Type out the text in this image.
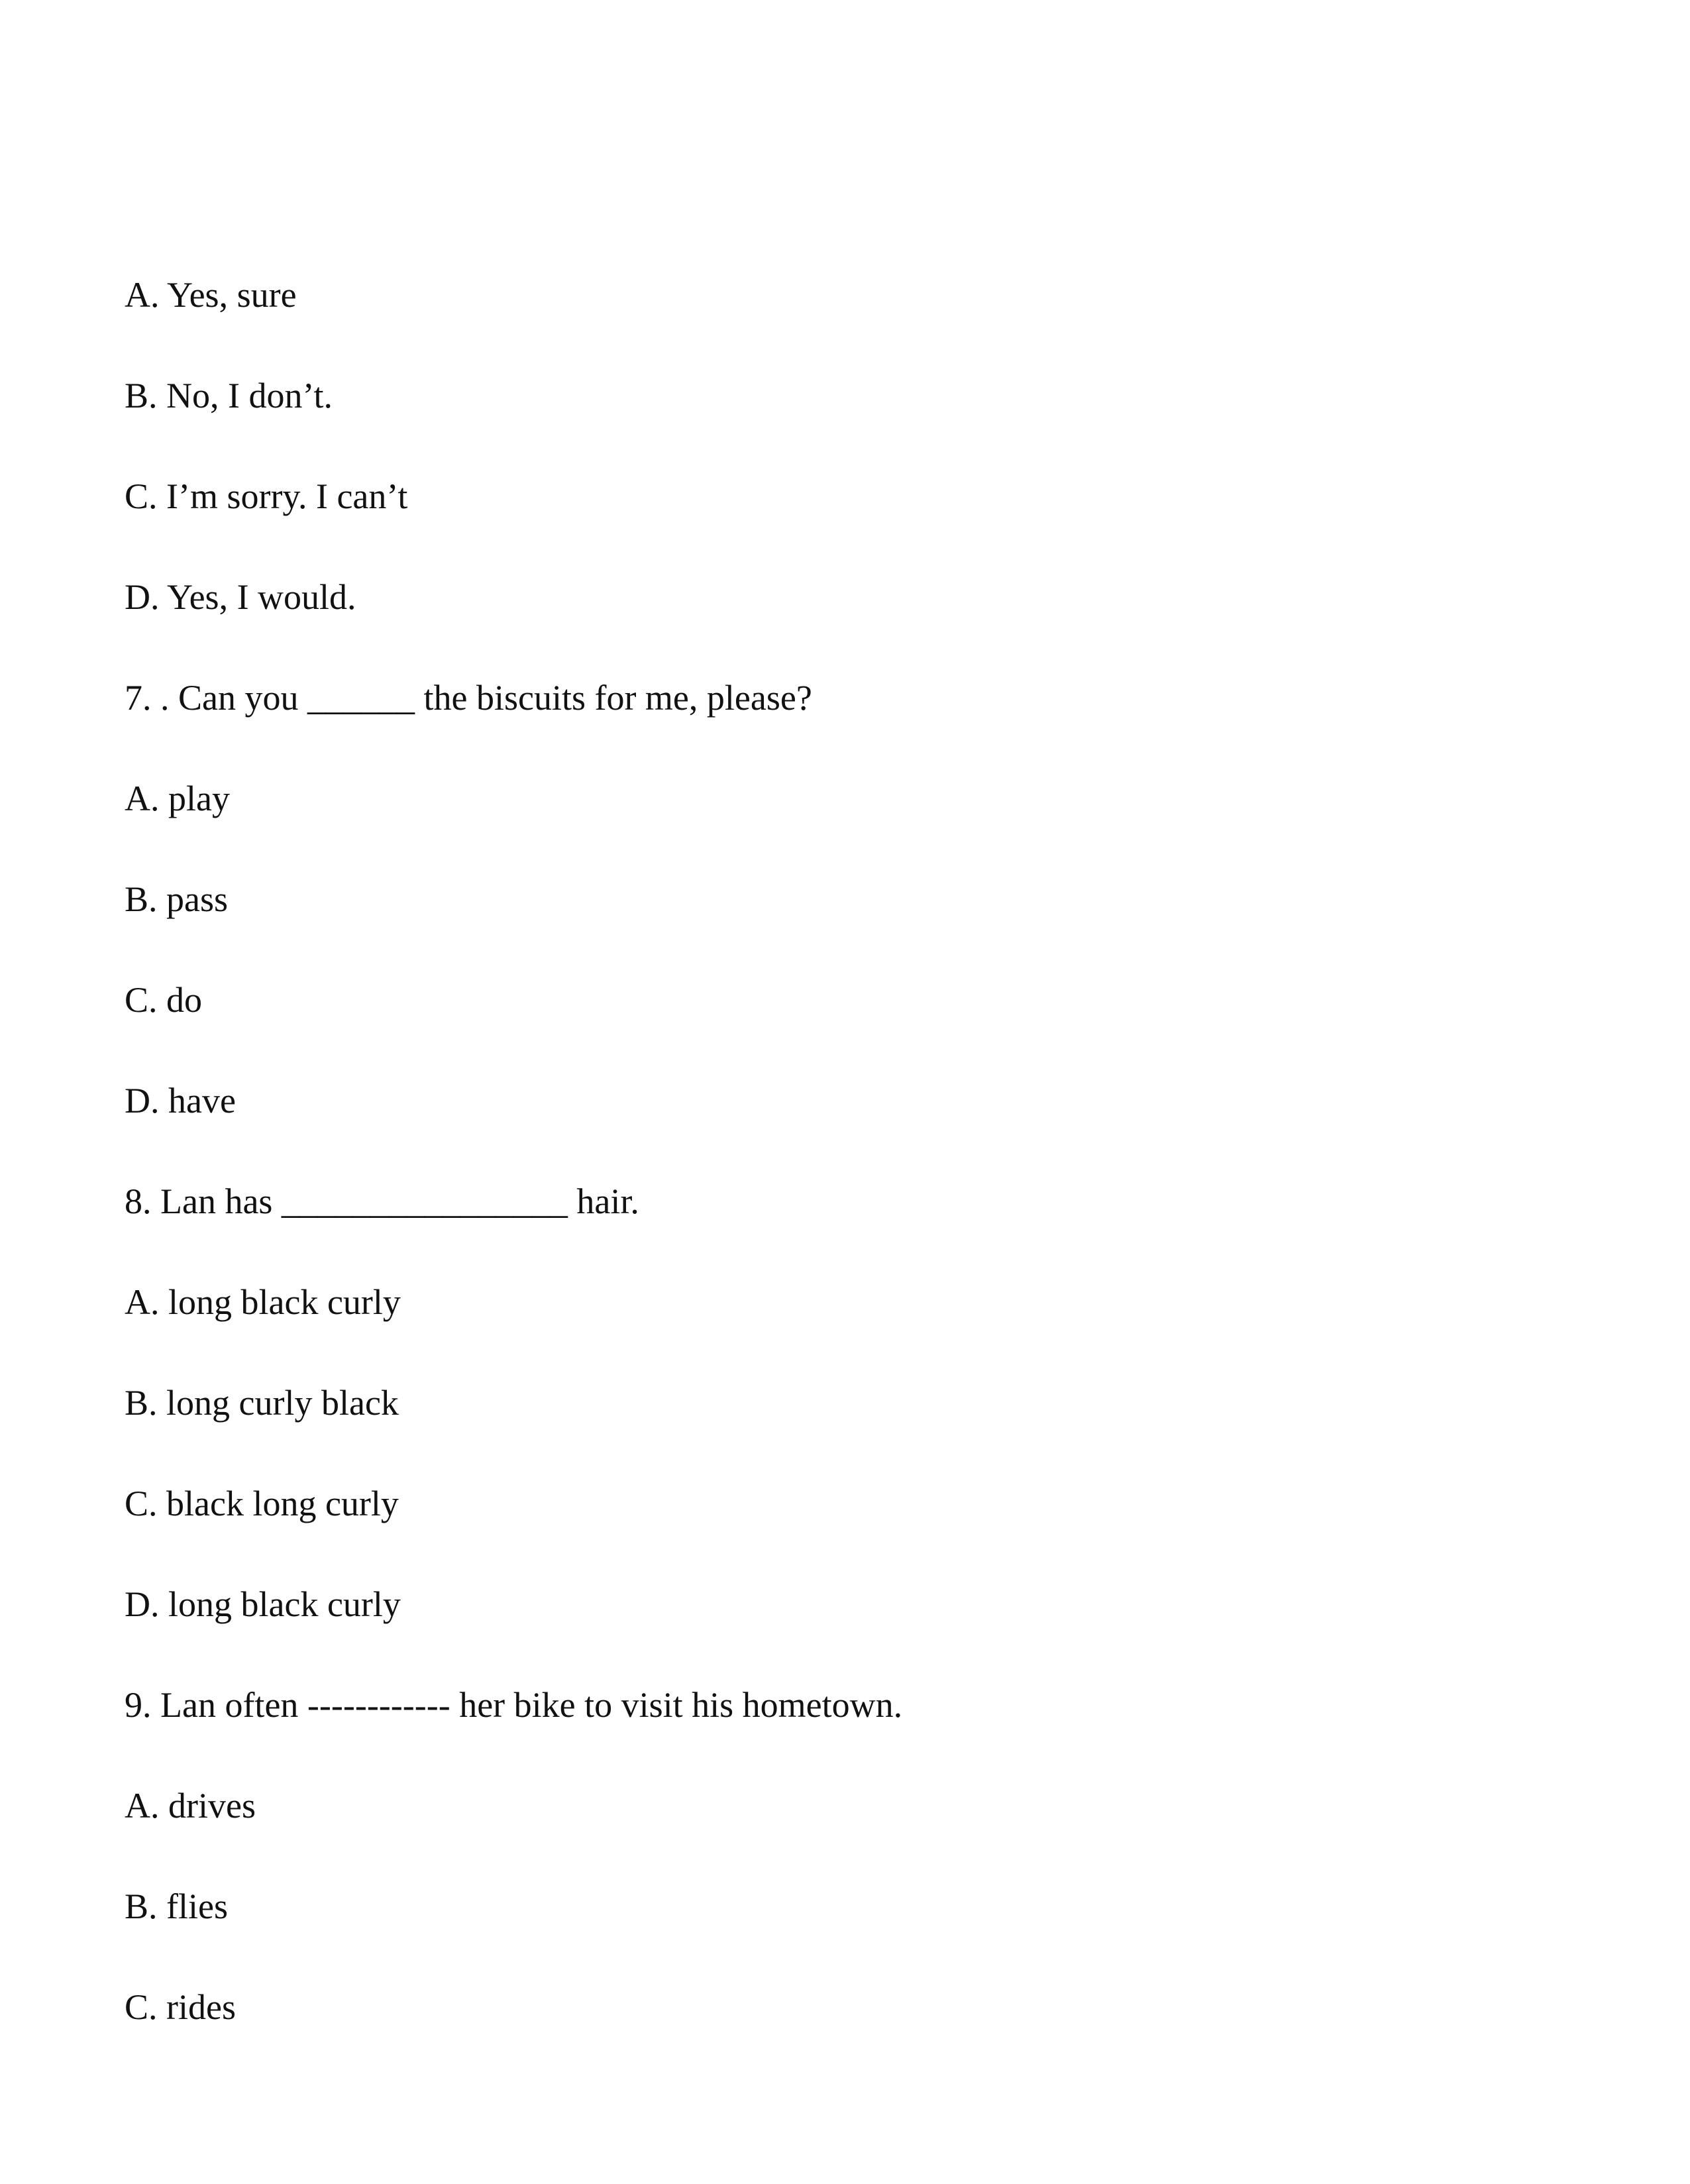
A. Yes, sure

B. No, I don’t.

C. I’m sorry. I can’t

D. Yes, I would.

7. . Can you ______ the biscuits for me, please?

A. play

B. pass

C. do

D. have

8. Lan has ________________ hair.

A. long black curly

B. long curly black

C. black long curly

D. long black curly

9. Lan often ------------ her bike to visit his hometown.

A. drives

B. flies

C. rides
